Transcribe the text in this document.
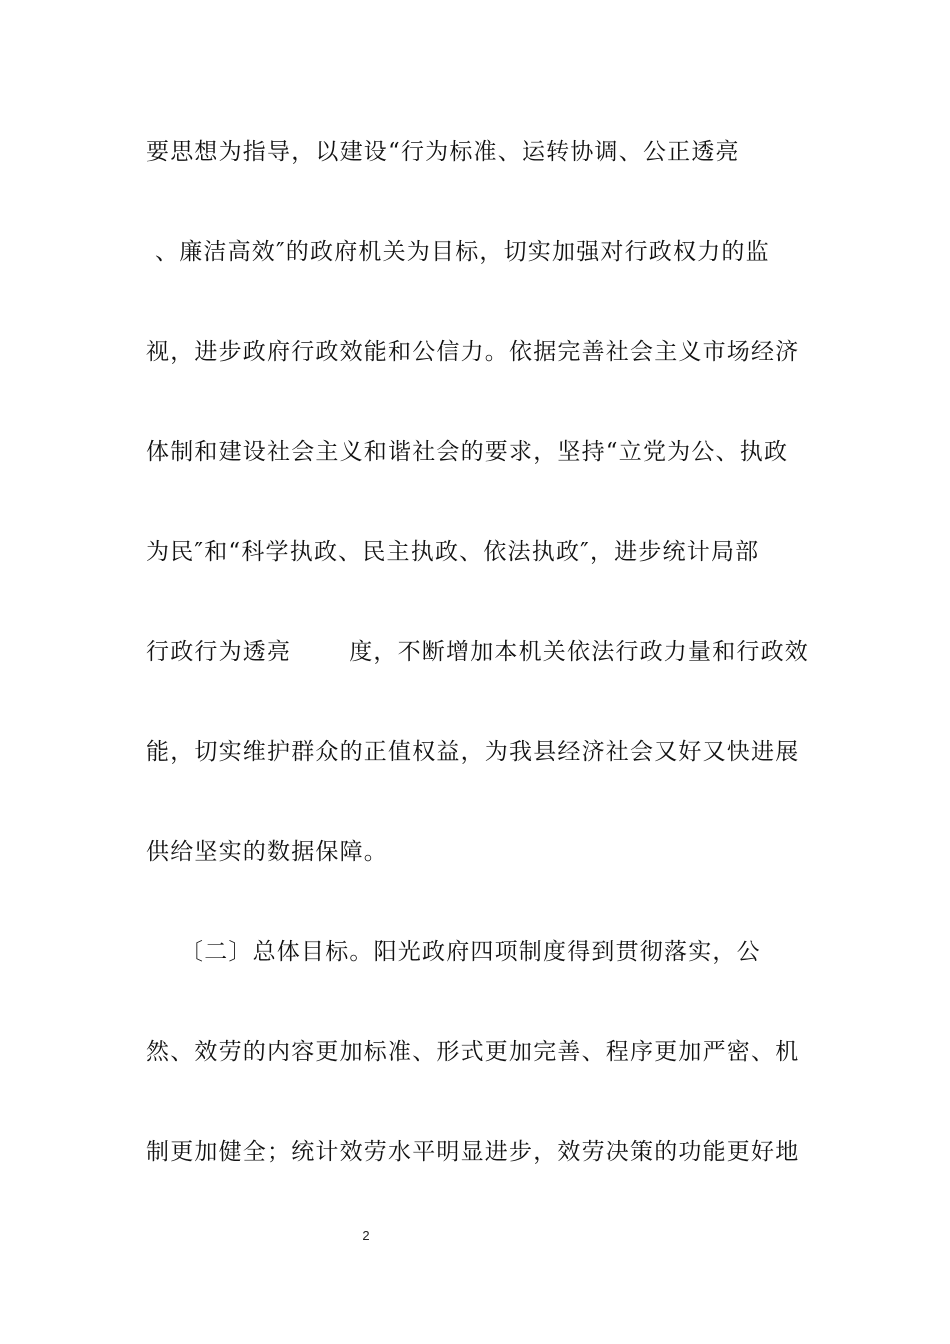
要思想为指导，以建设“行为标准、运转协调、公正透亮
、廉洁高效″的政府机关为目标，切实加强对行政权力的监
视，进步政府行政效能和公信力。依据完善社会主义市场经济
体制和建设社会主义和谐社会的要求，坚持“立党为公、执政
为民″和“科学执政、民主执政、依法执政″，进步统计局部
行政行为透亮	度，不断增加本机关依法行政力量和行政效
能，切实维护群众的正值权益，为我县经济社会又好又快进展
供给坚实的数据保障。
〔二〕总体目标。阳光政府四项制度得到贯彻落实，公
然、效劳的内容更加标准、形式更加完善、程序更加严密、机
制更加健全；统计效劳水平明显进步，效劳决策的功能更好地
2
